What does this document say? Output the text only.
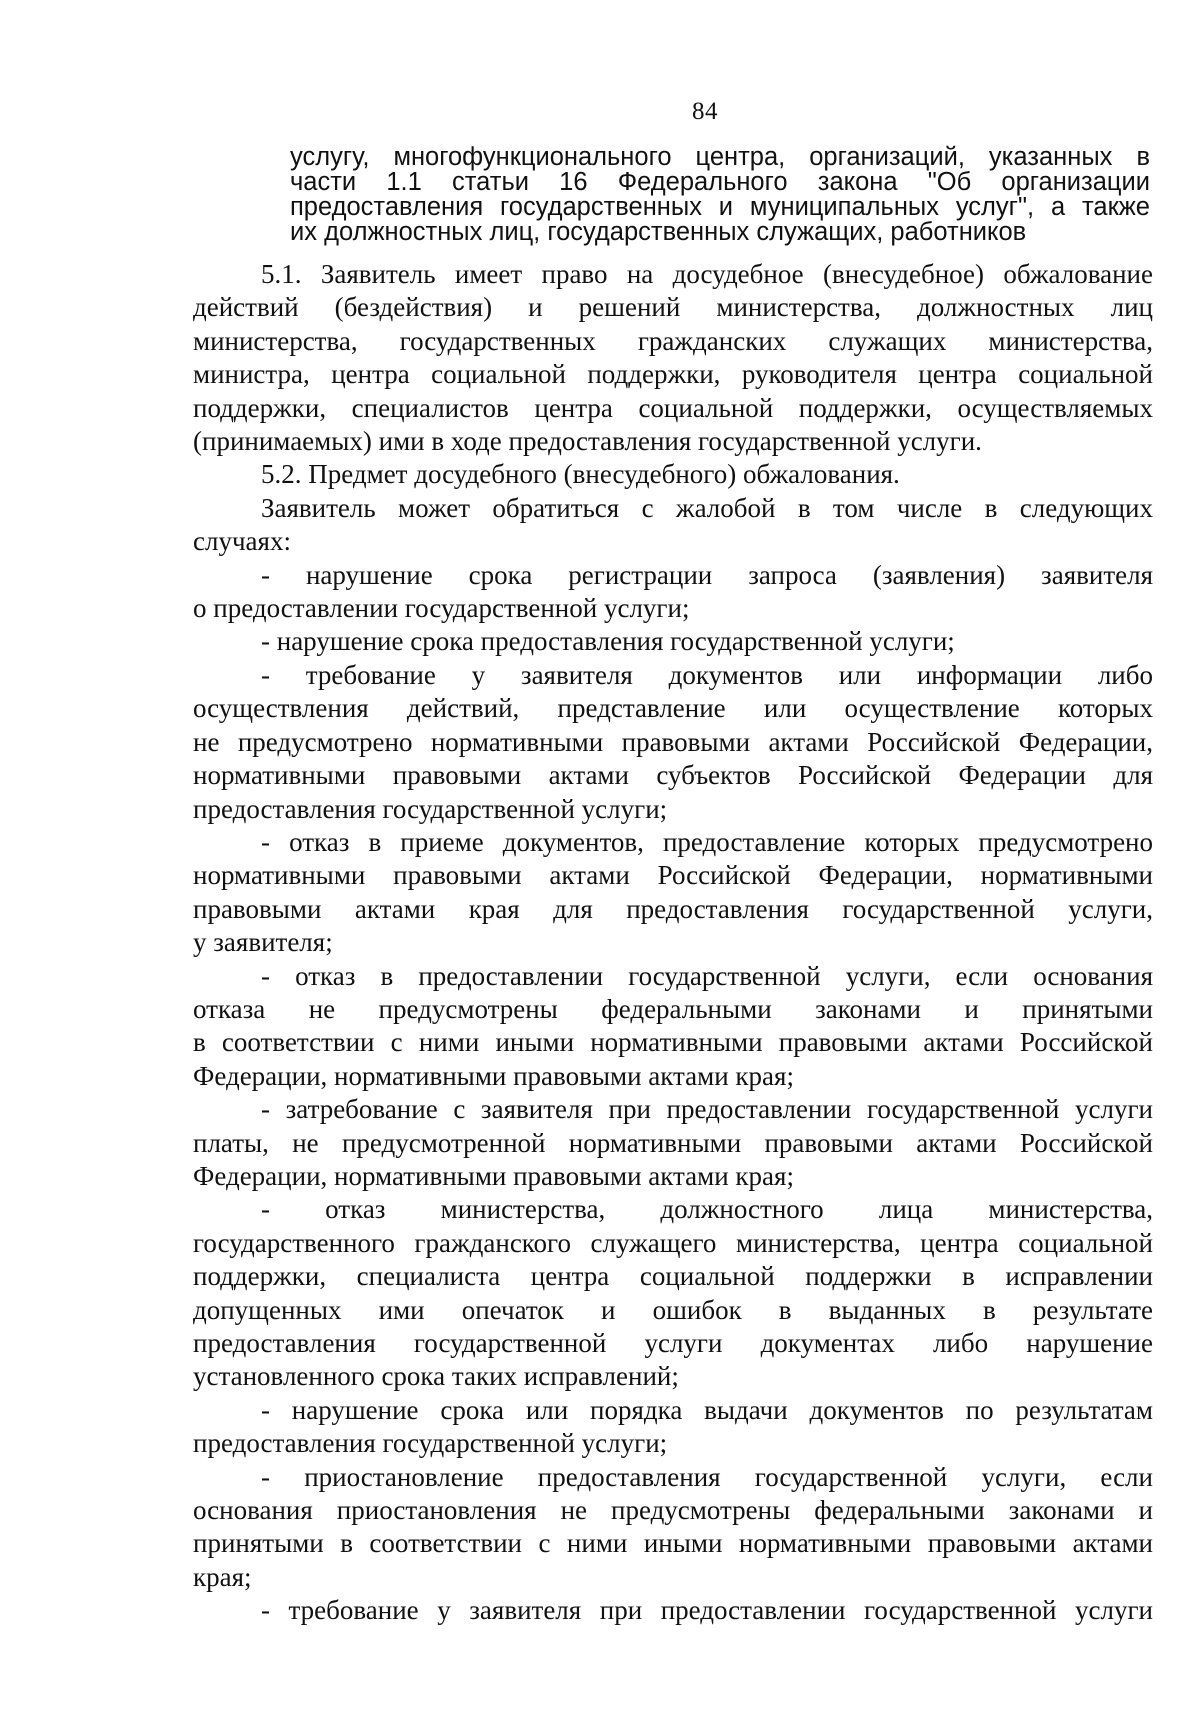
84
услугу, многофункционального центра, организаций, указанных в
части 1.1 статьи 16 Федерального закона "Об организации
предоставления государственных и муниципальных услуг", а также
их должностных лиц, государственных служащих, работников

5.1. Заявитель имеет право на досудебное (внесудебное) обжалование
действий (бездействия) и решений министерства, должностных лиц
министерства, государственных гражданских служащих министерства,
министра, центра социальной поддержки, руководителя центра социальной
поддержки, специалистов центра социальной поддержки, осуществляемых
(принимаемых) ими в ходе предоставления государственной услуги.

5.2. Предмет досудебного (внесудебного) обжалования.

Заявитель может обратиться с жалобой в том числе в следующих
случаях:

- нарушение срока регистрации запроса (заявления) заявителя
о предоставлении государственной услуги;

- нарушение срока предоставления государственной услуги;

- требование у заявителя документов или информации либо
осуществления действий, представление или осуществление которых
не предусмотрено нормативными правовыми актами Российской Федерации,
нормативными правовыми актами субъектов Российской Федерации для
предоставления государственной услуги;

- отказ в приеме документов, предоставление которых предусмотрено
нормативными правовыми актами Российской Федерации, нормативными
правовыми актами края для предоставления государственной услуги,
у заявителя;

- отказ в предоставлении государственной услуги, если основания
отказа не предусмотрены федеральными законами и принятыми
в соответствии с ними иными нормативными правовыми актами Российской
Федерации, нормативными правовыми актами края;

- затребование с заявителя при предоставлении государственной услуги
платы, не предусмотренной нормативными правовыми актами Российской
Федерации, нормативными правовыми актами края;

- отказ министерства, должностного лица министерства,
государственного гражданского служащего министерства, центра социальной
поддержки, специалиста центра социальной поддержки в исправлении
допущенных ими опечаток и ошибок в выданных в результате
предоставления государственной услуги документах либо нарушение
установленного срока таких исправлений;

- нарушение срока или порядка выдачи документов по результатам
предоставления государственной услуги;

- приостановление предоставления государственной услуги, если
основания приостановления не предусмотрены федеральными законами и
принятыми в соответствии с ними иными нормативными правовыми актами
края;

- требование у заявителя при предоставлении государственной услуги
